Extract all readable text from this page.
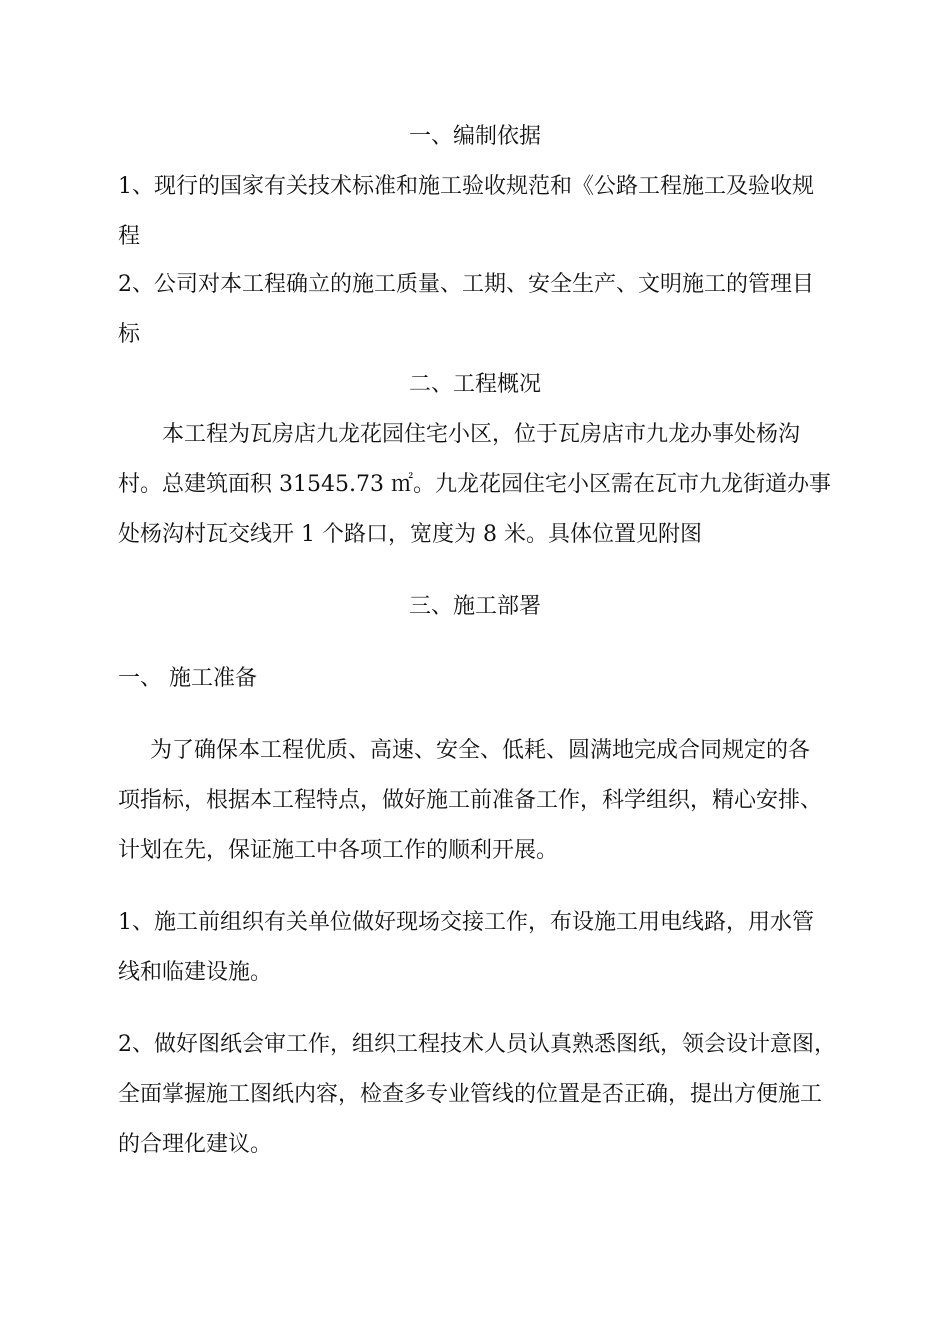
一、编制依据
1、现行的国家有关技术标准和施工验收规范和《公路工程施工及验收规
程
2、公司对本工程确立的施工质量、工期、安全生产、文明施工的管理目
标
二、工程概况
本工程为瓦房店九龙花园住宅小区，位于瓦房店市九龙办事处杨沟
村。总建筑面积 31545.73 ㎡。九龙花园住宅小区需在瓦市九龙街道办事
处杨沟村瓦交线开 1 个路口，宽度为 8 米。具体位置见附图
三、施工部署
一、 施工准备
为了确保本工程优质、高速、安全、低耗、圆满地完成合同规定的各
项指标，根据本工程特点，做好施工前准备工作，科学组织，精心安排、
计划在先，保证施工中各项工作的顺利开展。
1、施工前组织有关单位做好现场交接工作，布设施工用电线路，用水管
线和临建设施。
2、做好图纸会审工作，组织工程技术人员认真熟悉图纸，领会设计意图，
全面掌握施工图纸内容，检查多专业管线的位置是否正确，提出方便施工
的合理化建议。
